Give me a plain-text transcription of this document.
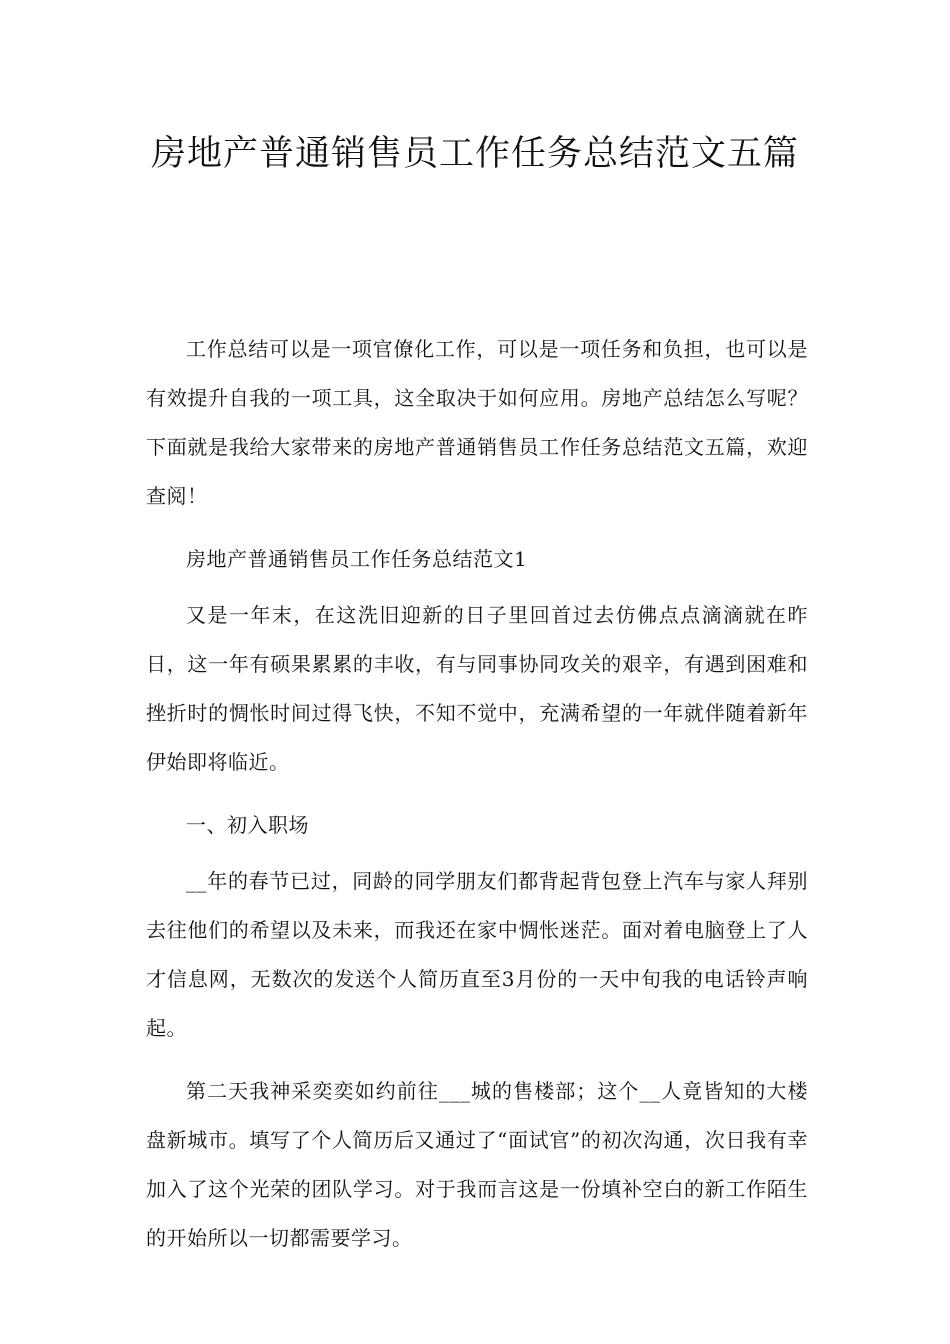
房地产普通销售员工作任务总结范文五篇

工作总结可以是一项官僚化工作，可以是一项任务和负担，也可以是有效提升自我的一项工具，这全取决于如何应用。房地产总结怎么写呢？下面就是我给大家带来的房地产普通销售员工作任务总结范文五篇，欢迎查阅！

房地产普通销售员工作任务总结范文1

又是一年末，在这洗旧迎新的日子里回首过去仿佛点点滴滴就在昨日，这一年有硕果累累的丰收，有与同事协同攻关的艰辛，有遇到困难和挫折时的惆怅时间过得飞快，不知不觉中，充满希望的一年就伴随着新年伊始即将临近。

一、初入职场

__年的春节已过，同龄的同学朋友们都背起背包登上汽车与家人拜别去往他们的希望以及未来，而我还在家中惆怅迷茫。面对着电脑登上了人才信息网，无数次的发送个人简历直至3月份的一天中旬我的电话铃声响起。

第二天我神采奕奕如约前往___城的售楼部；这个__人竟皆知的大楼盘新城市。填写了个人简历后又通过了“面试官”的初次沟通，次日我有幸加入了这个光荣的团队学习。对于我而言这是一份填补空白的新工作陌生的开始所以一切都需要学习。
